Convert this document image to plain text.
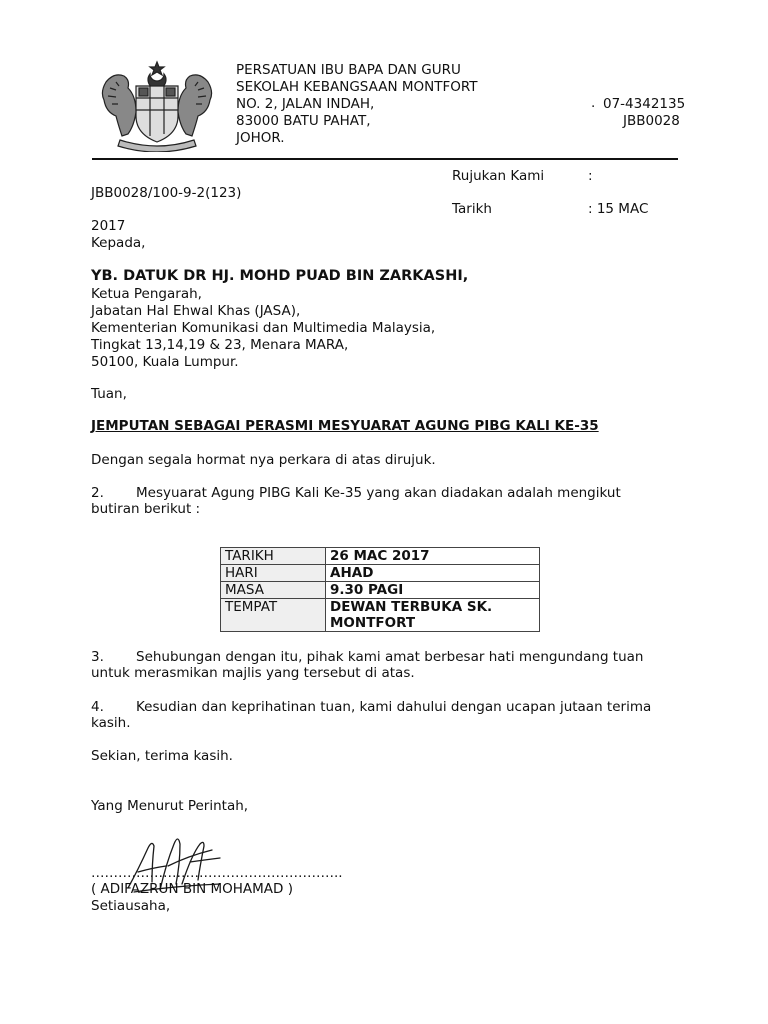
PERSATUAN IBU BAPA DAN GURU
SEKOLAH KEBANGSAAN MONTFORT
NO. 2, JALAN INDAH,
83000 BATU PAHAT,
JOHOR.
. 07-4342135
JBB0028
Rujukan Kami	:
JBB0028/100-9-2(123)
Tarikh	: 15 MAC
2017
Kepada,
YB. DATUK DR HJ. MOHD PUAD BIN ZARKASHI,
Ketua Pengarah,
Jabatan Hal Ehwal Khas (JASA),
Kementerian Komunikasi dan Multimedia Malaysia,
Tingkat 13,14,19 & 23, Menara MARA,
50100, Kuala Lumpur.
Tuan,
JEMPUTAN SEBAGAI PERASMI MESYUARAT AGUNG PIBG KALI KE-35
Dengan segala hormat nya perkara di atas dirujuk.
2. Mesyuarat Agung PIBG Kali Ke-35 yang akan diadakan adalah mengikut
butiran berikut :
TARIKH	26 MAC 2017
HARI	AHAD
MASA	9.30 PAGI
TEMPAT	DEWAN TERBUKA SK. MONTFORT
3. Sehubungan dengan itu, pihak kami amat berbesar hati mengundang tuan
untuk merasmikan majlis yang tersebut di atas.
4. Kesudian dan keprihatinan tuan, kami dahului dengan ucapan jutaan terima
kasih.
Sekian, terima kasih.
Yang Menurut Perintah,
………………………………………………..
( ADIFAZRUN BIN MOHAMAD )
Setiausaha,
